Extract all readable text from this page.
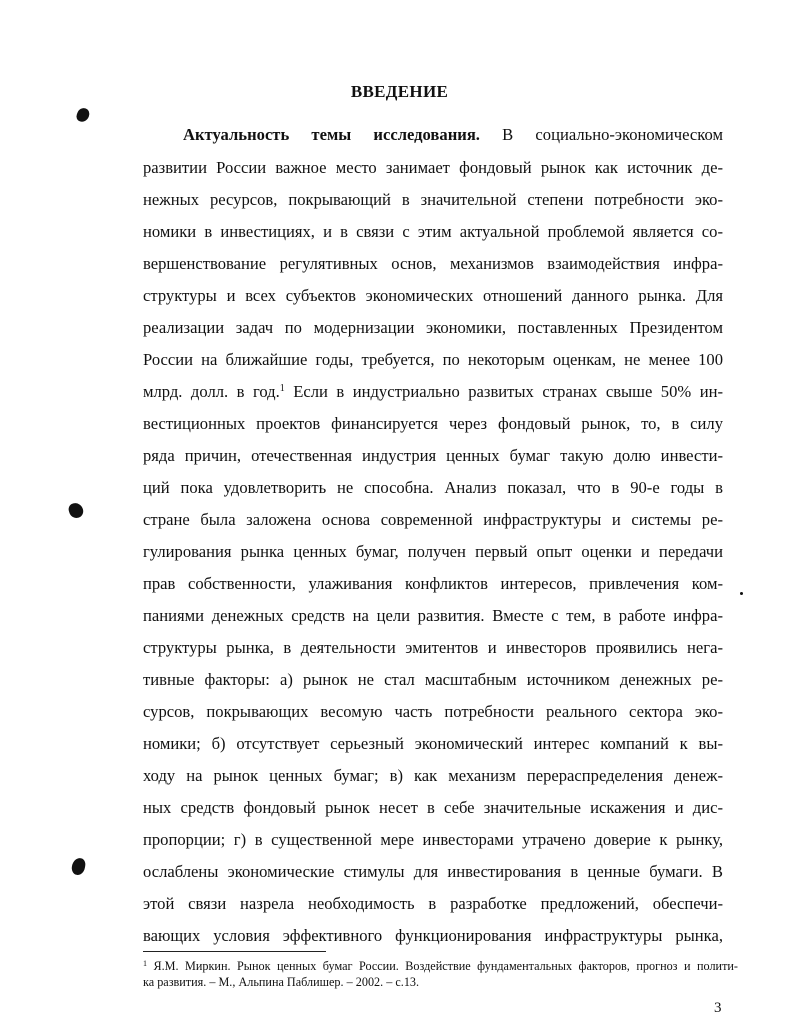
ВВЕДЕНИЕ
Актуальность темы исследования. В социально-экономическом
развитии России важное место занимает фондовый рынок как источник де-
нежных ресурсов, покрывающий в значительной степени потребности эко-
номики в инвестициях, и в связи с этим актуальной проблемой является со-
вершенствование регулятивных основ, механизмов взаимодействия инфра-
структуры и всех субъектов экономических отношений данного рынка. Для
реализации задач по модернизации экономики, поставленных Президентом
России на ближайшие годы, требуется, по некоторым оценкам, не менее 100
млрд. долл. в год.$^1$ Если в индустриально развитых странах свыше 50% ин-
вестиционных проектов финансируется через фондовый рынок, то, в силу
ряда причин, отечественная индустрия ценных бумаг такую долю инвести-
ций пока удовлетворить не способна. Анализ показал, что в 90-е годы в
стране была заложена основа современной инфраструктуры и системы ре-
гулирования рынка ценных бумаг, получен первый опыт оценки и передачи
прав собственности, улаживания конфликтов интересов, привлечения ком-
паниями денежных средств на цели развития. Вместе с тем, в работе инфра-
структуры рынка, в деятельности эмитентов и инвесторов проявились нега-
тивные факторы: а) рынок не стал масштабным источником денежных ре-
сурсов, покрывающих весомую часть потребности реального сектора эко-
номики; б) отсутствует серьезный экономический интерес компаний к вы-
ходу на рынок ценных бумаг; в) как механизм перераспределения денеж-
ных средств фондовый рынок несет в себе значительные искажения и дис-
пропорции; г) в существенной мере инвесторами утрачено доверие к рынку,
ослаблены экономические стимулы для инвестирования в ценные бумаги. В
этой связи назрела необходимость в разработке предложений, обеспечи-
вающих условия эффективного функционирования инфраструктуры рынка,
$^1$ Я.М. Миркин. Рынок ценных бумаг России. Воздействие фундаментальных факторов, прогноз и полити-
ка развития. – М., Альпина Паблишер. – 2002. – с.13.
3
